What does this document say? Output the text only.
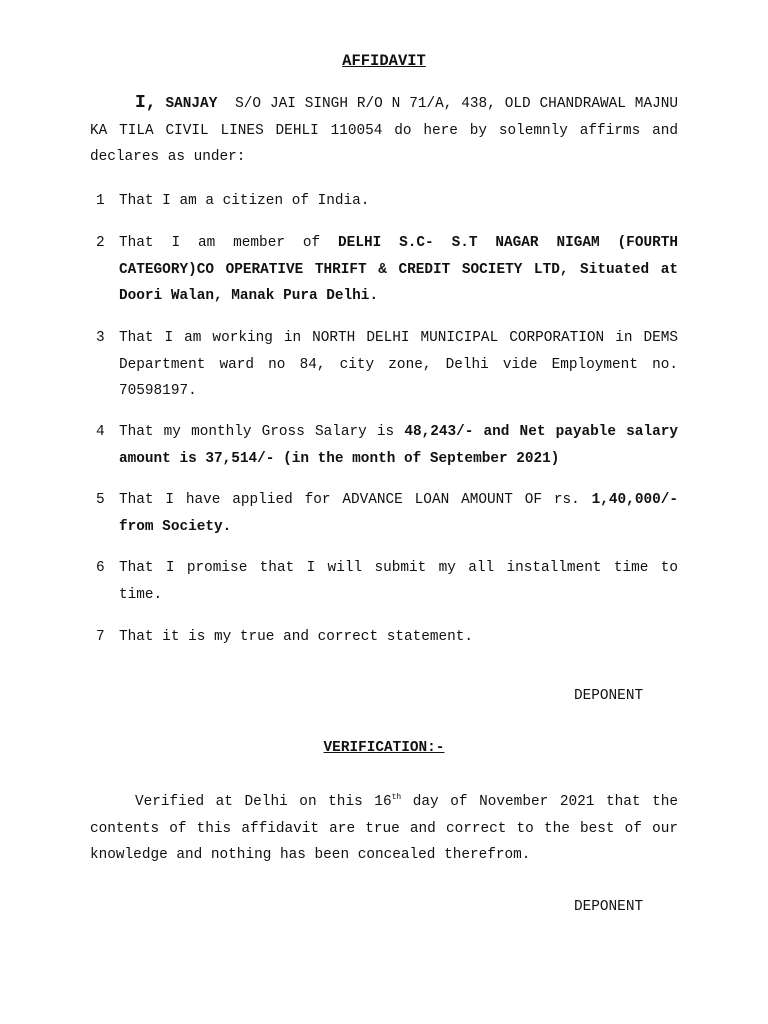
AFFIDAVIT

I, SANJAY S/O JAI SINGH R/O N 71/A, 438, OLD CHANDRAWAL MAJNU KA TILA CIVIL LINES DEHLI 110054 do here by solemnly affirms and declares as under:

1 That I am a citizen of India.
2 That I am member of DELHI S.C- S.T NAGAR NIGAM (FOURTH CATEGORY)CO OPERATIVE THRIFT & CREDIT SOCIETY LTD, Situated at Doori Walan, Manak Pura Delhi.
3 That I am working in NORTH DELHI MUNICIPAL CORPORATION in DEMS Department ward no 84, city zone, Delhi vide Employment no. 70598197.
4 That my monthly Gross Salary is 48,243/- and Net payable salary amount is 37,514/- (in the month of September 2021)
5 That I have applied for ADVANCE LOAN AMOUNT OF rs. 1,40,000/- from Society.
6 That I promise that I will submit my all installment time to time.
7 That it is my true and correct statement.
DEPONENT
VERIFICATION:-

Verified at Delhi on this 16th day of November 2021 that the contents of this affidavit are true and correct to the best of our knowledge and nothing has been concealed therefrom.

DEPONENT
